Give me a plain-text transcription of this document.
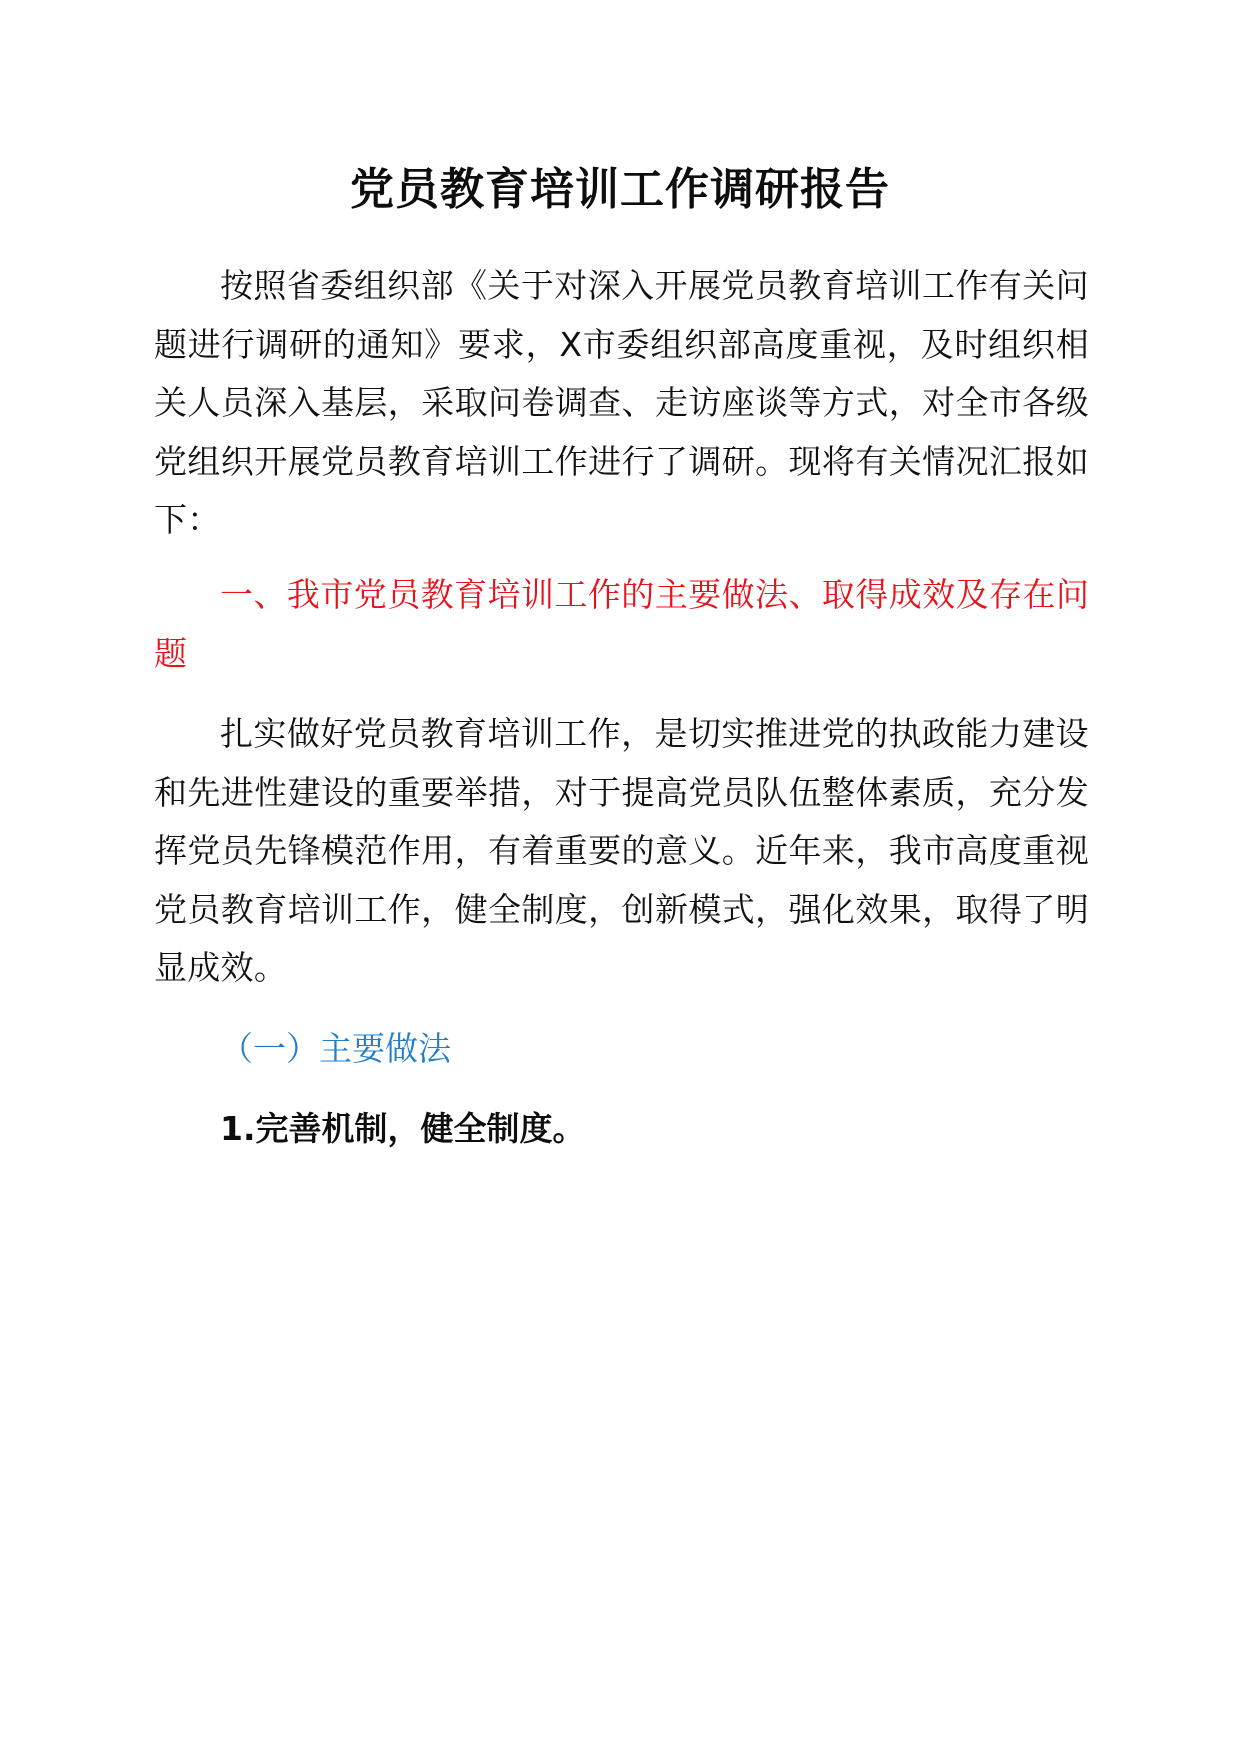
党员教育培训工作调研报告
按照省委组织部《关于对深入开展党员教育培训工作有关问题进行调研的通知》要求，X市委组织部高度重视，及时组织相关人员深入基层，采取问卷调查、走访座谈等方式，对全市各级党组织开展党员教育培训工作进行了调研。现将有关情况汇报如下：
一、我市党员教育培训工作的主要做法、取得成效及存在问题
扎实做好党员教育培训工作，是切实推进党的执政能力建设和先进性建设的重要举措，对于提高党员队伍整体素质，充分发挥党员先锋模范作用，有着重要的意义。近年来，我市高度重视党员教育培训工作，健全制度，创新模式，强化效果，取得了明显成效。
（一）主要做法
1.完善机制，健全制度。
